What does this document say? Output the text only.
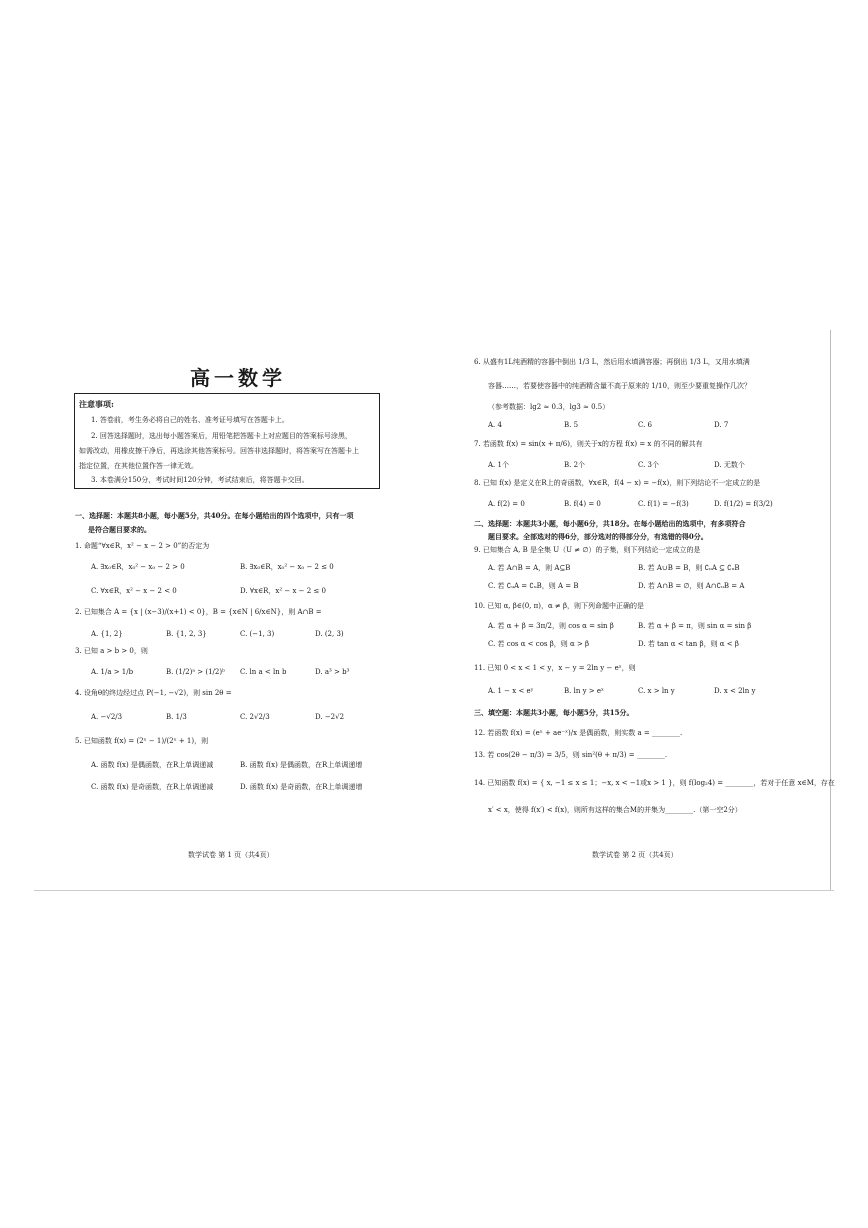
高一数学
注意事项:
1. 答卷前，考生务必将自己的姓名、准考证号填写在答题卡上。
2. 回答选择题时，选出每小题答案后，用铅笔把答题卡上对应题目的答案标号涂黑，
如需改动，用橡皮擦干净后，再选涂其他答案标号。回答非选择题时，将答案写在答题卡上
指定位置，在其他位置作答一律无效。
3. 本卷满分150分，考试时间120分钟，考试结束后，将答题卡交回。
一、选择题：本题共8小题，每小题5分，共40分。在每小题给出的四个选项中，只有一项
是符合题目要求的。
1. 命题“∀x∈R，x² − x − 2 > 0”的否定为
A. ∃x₀∈R，x₀² − x₀ − 2 > 0	B. ∃x₀∈R，x₀² − x₀ − 2 ≤ 0
C. ∀x∈R，x² − x − 2 < 0	D. ∀x∈R，x² − x − 2 ≤ 0
2. 已知集合 A = {x | (x−3)/(x+1) < 0}，B = {x∈N | 6/x∈N}，则 A∩B =
A. {1, 2}	B. {1, 2, 3}	C. (−1, 3)	D. (2, 3)
3. 已知 a > b > 0，则
A. 1/a > 1/b	B. (1/2)ᵃ > (1/2)ᵇ C. ln a < ln b	D. a³ > b³
4. 设角θ的终边经过点 P(−1, −√2)，则 sin 2θ =
A. −√2/3	B. 1/3	C. 2√2/3	D. −2√2
5. 已知函数 f(x) = (2ˣ − 1)/(2ˣ + 1)，则
A. 函数 f(x) 是偶函数，在R上单调递减	B. 函数 f(x) 是偶函数，在R上单调递增
C. 函数 f(x) 是奇函数，在R上单调递减	D. 函数 f(x) 是奇函数，在R上单调递增
数学试卷 第 1 页（共4页）
6. 从盛有1L纯酒精的容器中倒出 1/3 L，然后用水填满容器；再倒出 1/3 L，又用水填满
容器……，若要使容器中的纯酒精含量不高于原来的 1/10，则至少要重复操作几次？
（参考数据：lg2 ≈ 0.3，lg3 ≈ 0.5）
A. 4	B. 5	C. 6	D. 7
7. 若函数 f(x) = sin(x + π/6)，则关于x的方程 f(x) = x 的不同的解共有
A. 1个	B. 2个	C. 3个	D. 无数个
8. 已知 f(x) 是定义在R上的奇函数，∀x∈R，f(4 − x) = −f(x)，则下列结论不一定成立的是
A. f(2) = 0	B. f(4) = 0	C. f(1) = −f(3)	D. f(1/2) = f(3/2)
二、选择题：本题共3小题，每小题6分，共18分。在每小题给出的选项中，有多项符合
题目要求。全部选对的得6分，部分选对的得部分分，有选错的得0分。
9. 已知集合 A, B 是全集 U（U ≠ ∅）的子集，则下列结论一定成立的是
A. 若 A∩B = A，则 A⊆B	B. 若 A∪B = B，则 ∁ᵤA ⊆ ∁ᵤB
C. 若 ∁ᵤA = ∁ᵤB，则 A = B	D. 若 A∩B = ∅，则 A∩∁ᵤB = A
10. 已知 α, β∈(0, π)，α ≠ β，则下列命题中正确的是
A. 若 α + β = 3π/2，则 cos α = sin β	B. 若 α + β = π，则 sin α = sin β
C. 若 cos α < cos β，则 α > β	D. 若 tan α < tan β，则 α < β
11. 已知 0 < x < 1 < y，x − y = 2ln y − eˣ，则
A. 1 − x < eʸ	B. ln y > eˣ	C. x > ln y	D. x < 2ln y
三、填空题：本题共3小题，每小题5分，共15分。
12. 若函数 f(x) = (eˣ + ae⁻ˣ)/x 是偶函数，则实数 a = ________.
13. 若 cos(2θ − π/3) = 3/5，则 sin²(θ + π/3) = ________.
14. 已知函数 f(x) = { x, −1 ≤ x ≤ 1；−x, x < −1或x > 1 }，则 f(log₂4) = ________，若对于任意 x∈M，存在
x′ < x，使得 f(x′) < f(x)，则所有这样的集合M的并集为________.（第一空2分）
数学试卷 第 2 页（共4页）
